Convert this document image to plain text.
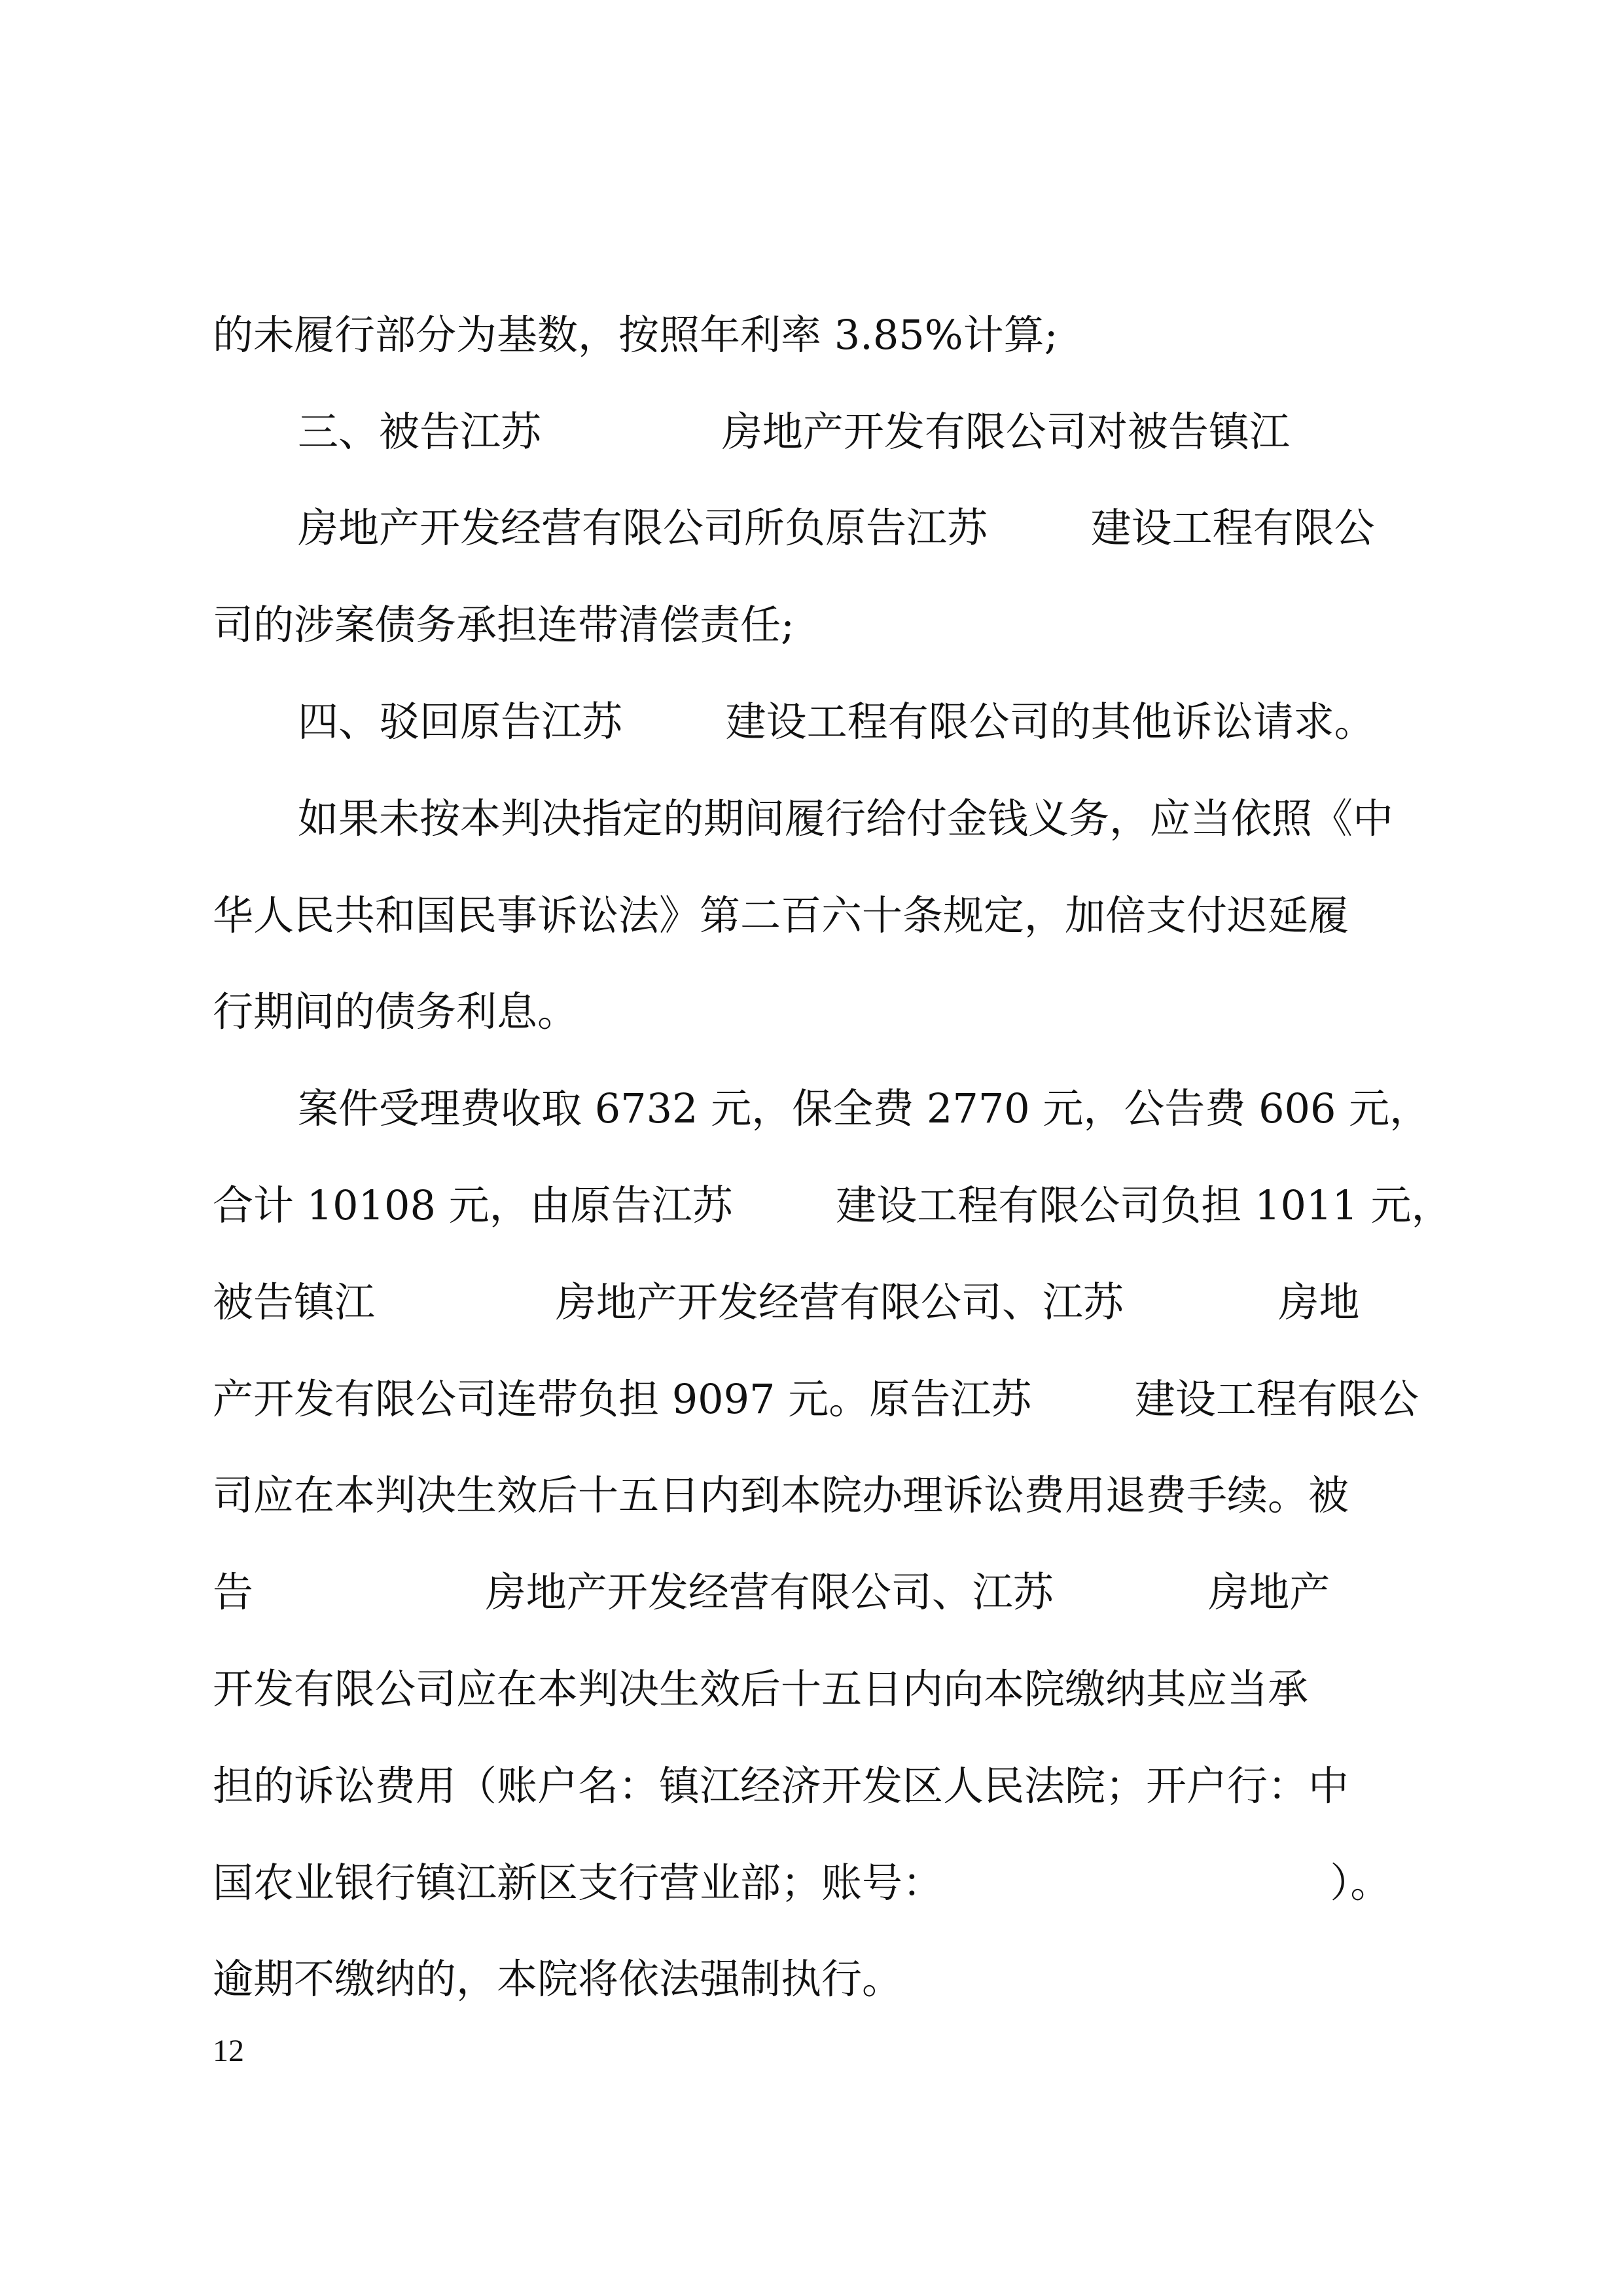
的未履行部分为基数，按照年利率 3.85%计算;
三、被告江苏              房地产开发有限公司对被告镇江
房地产开发经营有限公司所负原告江苏        建设工程有限公
司的涉案债务承担连带清偿责任;
四、驳回原告江苏        建设工程有限公司的其他诉讼请求。
如果未按本判决指定的期间履行给付金钱义务，应当依照《中
华人民共和国民事诉讼法》第二百六十条规定，加倍支付迟延履
行期间的债务利息。
案件受理费收取 6732 元，保全费 2770 元，公告费 606 元，
合计 10108 元，由原告江苏        建设工程有限公司负担 1011 元，
被告镇江              房地产开发经营有限公司、江苏            房地
产开发有限公司连带负担 9097 元。原告江苏        建设工程有限公
司应在本判决生效后十五日内到本院办理诉讼费用退费手续。被
告                  房地产开发经营有限公司、江苏            房地产
开发有限公司应在本判决生效后十五日内向本院缴纳其应当承
担的诉讼费用（账户名：镇江经济开发区人民法院；开户行：中
国农业银行镇江新区支行营业部；账号：                              ）。
逾期不缴纳的，本院将依法强制执行。
12
